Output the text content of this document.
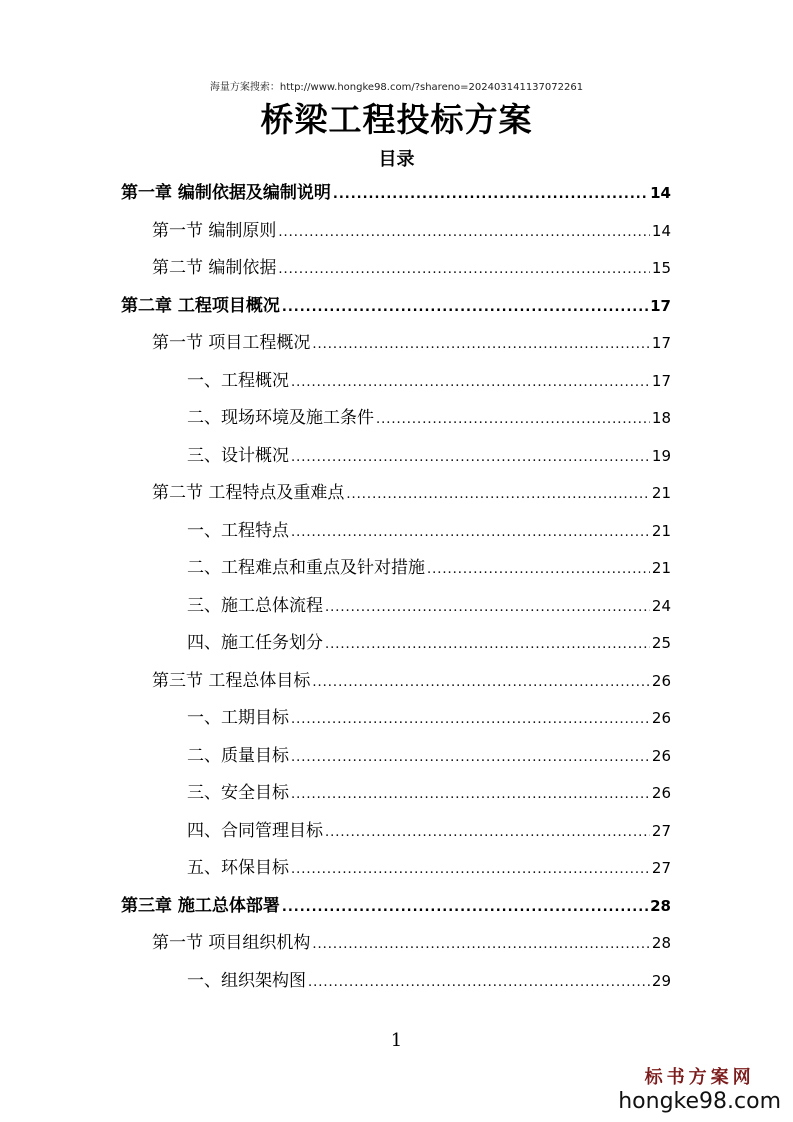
海量方案搜索：http://www.hongke98.com/?shareno=202403141137072261
桥梁工程投标方案
目录
第一章 编制依据及编制说明 .....	14
第一节 编制原则 .....	14
第二节 编制依据 .....	15
第二章 工程项目概况 .....	17
第一节 项目工程概况 .....	17
一、工程概况 .....	17
二、现场环境及施工条件 .....	18
三、设计概况 .....	19
第二节 工程特点及重难点 .....	21
一、工程特点 .....	21
二、工程难点和重点及针对措施 .....	21
三、施工总体流程 .....	24
四、施工任务划分 .....	25
第三节 工程总体目标 .....	26
一、工期目标 .....	26
二、质量目标 .....	26
三、安全目标 .....	26
四、合同管理目标 .....	27
五、环保目标 .....	27
第三章 施工总体部署 .....	28
第一节 项目组织机构 .....	28
一、组织架构图 .....	29
1
标书方案网
hongke98.com
